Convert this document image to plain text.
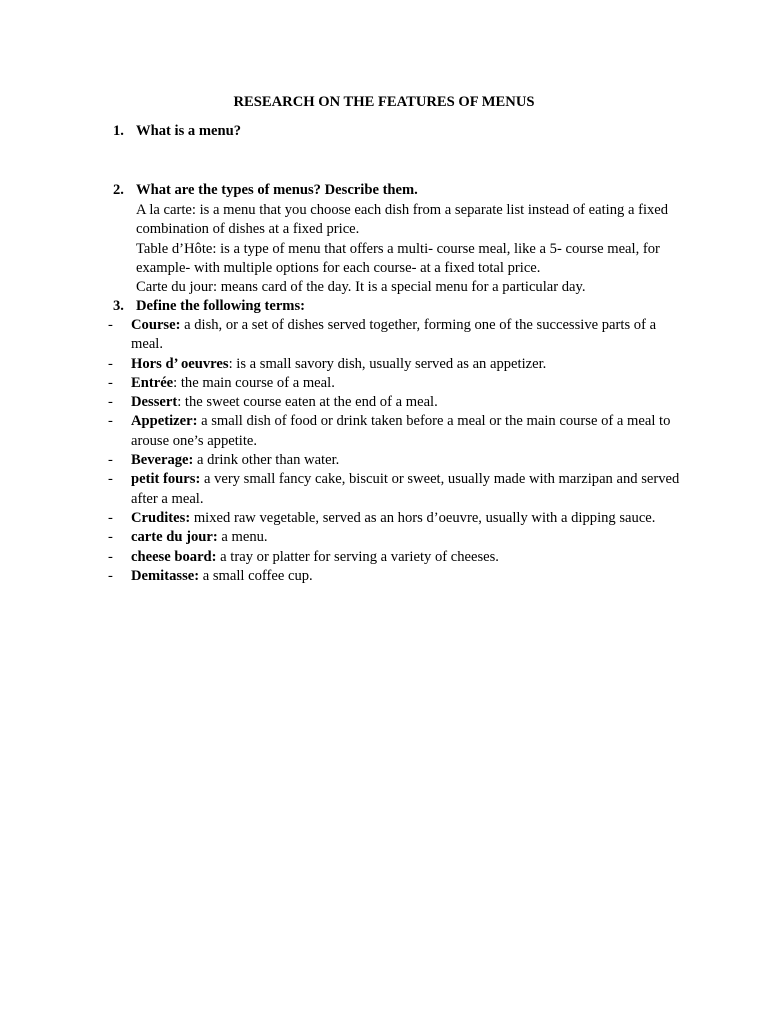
RESEARCH ON THE FEATURES OF MENUS
1. What is a menu?
2. What are the types of menus? Describe them.

A la carte: is a menu that you choose each dish from a separate list instead of eating a fixed combination of dishes at a fixed price.

Table d’Hôte: is a type of menu that offers a multi- course meal, like a 5- course meal, for example- with multiple options for each course- at a fixed total price.

Carte du jour: means card of the day. It is a special menu for a particular day.

3. Define the following terms:
- Course: a dish, or a set of dishes served together, forming one of the successive parts of a meal.
- Hors d’ oeuvres: is a small savory dish, usually served as an appetizer.
- Entrée: the main course of a meal.
- Dessert: the sweet course eaten at the end of a meal.
- Appetizer: a small dish of food or drink taken before a meal or the main course of a meal to arouse one’s appetite.
- Beverage: a drink other than water.
- petit fours: a very small fancy cake, biscuit or sweet, usually made with marzipan and served after a meal.
- Crudites: mixed raw vegetable, served as an hors d’oeuvre, usually with a dipping sauce.
- carte du jour: a menu.
- cheese board: a tray or platter for serving a variety of cheeses.
- Demitasse: a small coffee cup.
